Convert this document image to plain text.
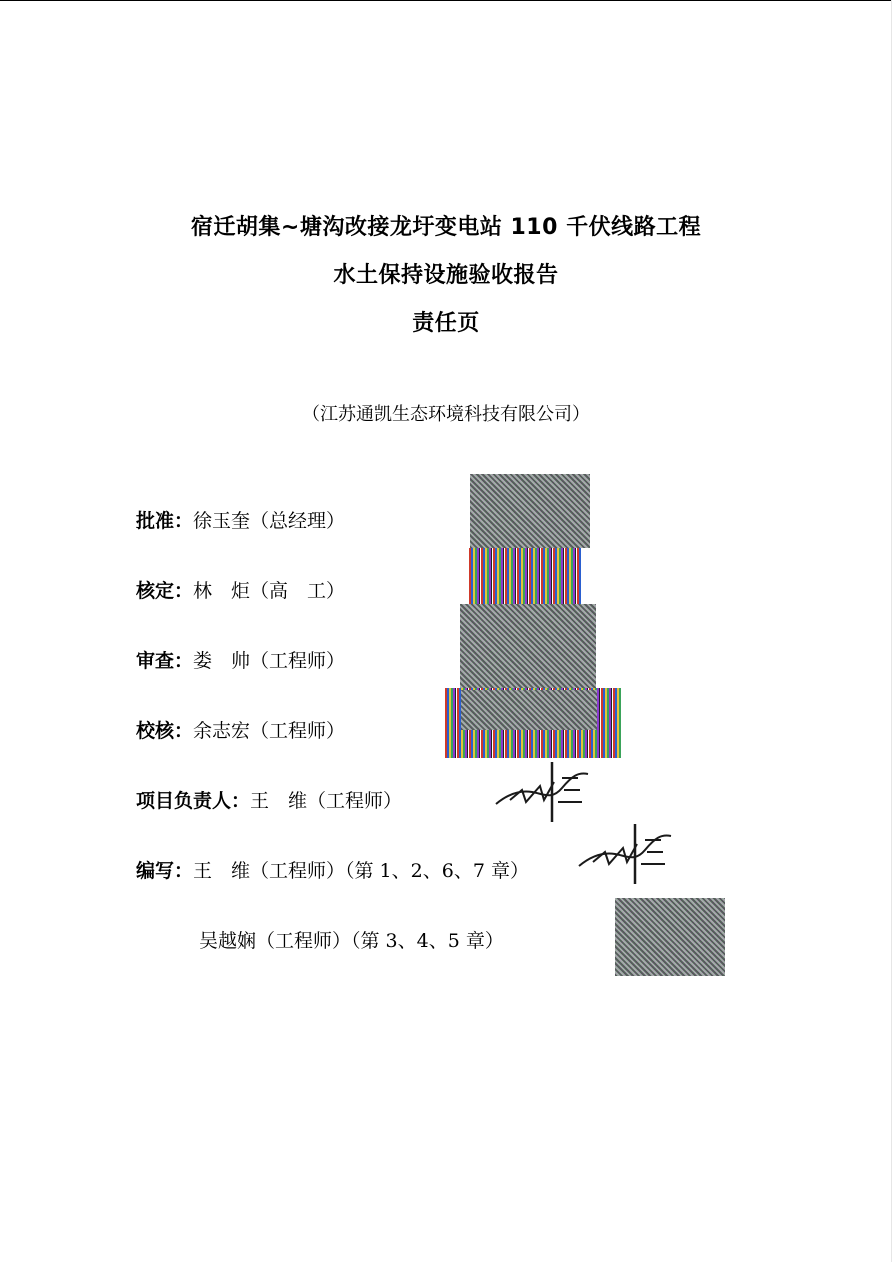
宿迁胡集~塘沟改接龙圩变电站 110 千伏线路工程
水土保持设施验收报告
责任页
（江苏通凯生态环境科技有限公司）
批准：徐玉奎（总经理）
核定：林　炬（高　工）
审查：娄　帅（工程师）
校核：余志宏（工程师）
项目负责人：王　维（工程师）
编写：王　维（工程师）（第 1、2、6、7 章）
吴越娴（工程师）（第 3、4、5 章）
